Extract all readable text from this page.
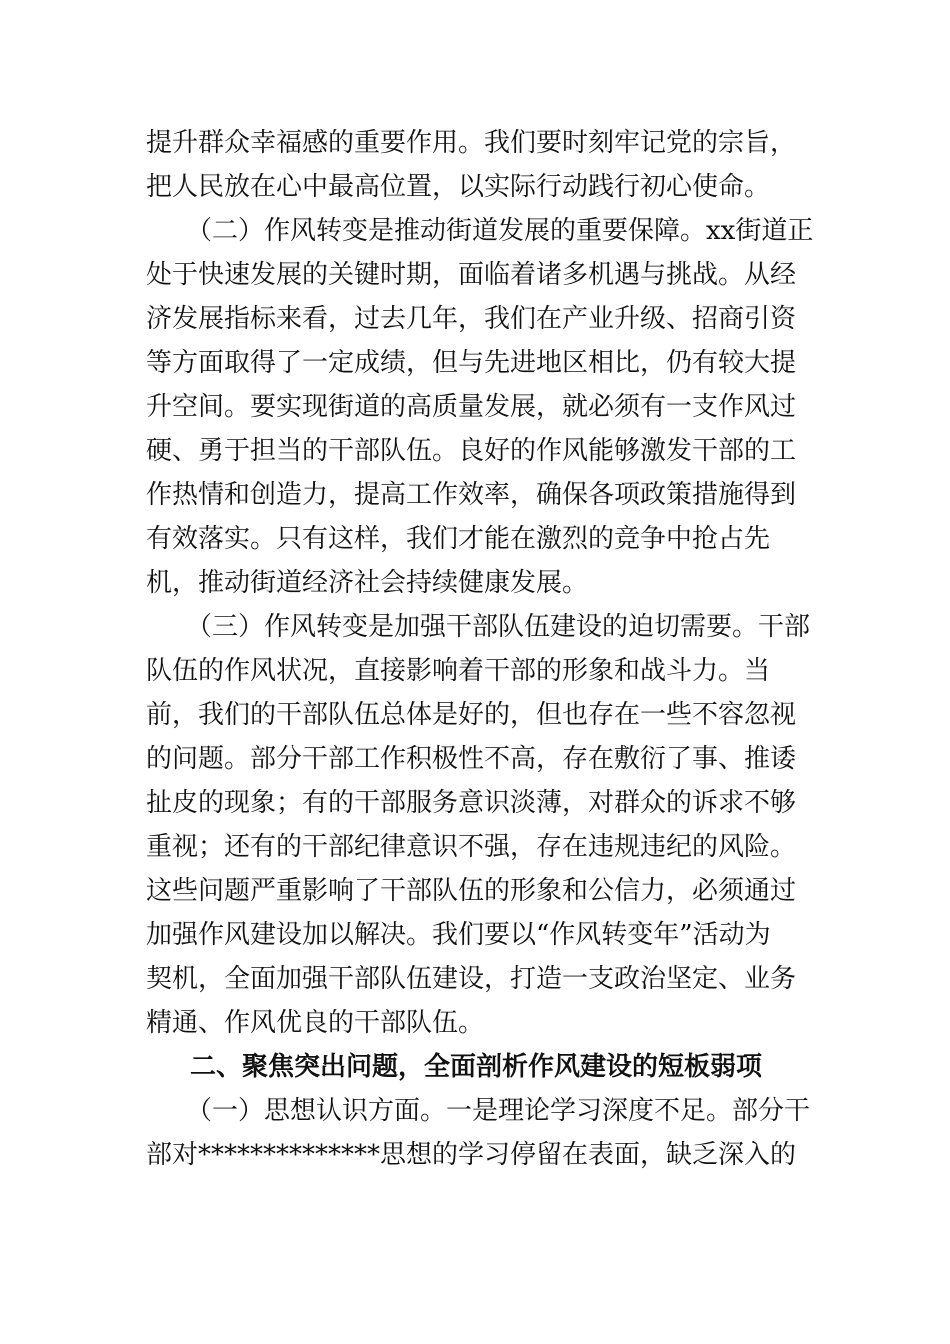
提升群众幸福感的重要作用。我们要时刻牢记党的宗旨，
把人民放在心中最高位置，以实际行动践行初心使命。
（二）作风转变是推动街道发展的重要保障。xx街道正
处于快速发展的关键时期，面临着诸多机遇与挑战。从经
济发展指标来看，过去几年，我们在产业升级、招商引资
等方面取得了一定成绩，但与先进地区相比，仍有较大提
升空间。要实现街道的高质量发展，就必须有一支作风过
硬、勇于担当的干部队伍。良好的作风能够激发干部的工
作热情和创造力，提高工作效率，确保各项政策措施得到
有效落实。只有这样，我们才能在激烈的竞争中抢占先
机，推动街道经济社会持续健康发展。
（三）作风转变是加强干部队伍建设的迫切需要。干部
队伍的作风状况，直接影响着干部的形象和战斗力。当
前，我们的干部队伍总体是好的，但也存在一些不容忽视
的问题。部分干部工作积极性不高，存在敷衍了事、推诿
扯皮的现象；有的干部服务意识淡薄，对群众的诉求不够
重视；还有的干部纪律意识不强，存在违规违纪的风险。
这些问题严重影响了干部队伍的形象和公信力，必须通过
加强作风建设加以解决。我们要以“作风转变年”活动为
契机，全面加强干部队伍建设，打造一支政治坚定、业务
精通、作风优良的干部队伍。
二、聚焦突出问题，全面剖析作风建设的短板弱项
（一）思想认识方面。一是理论学习深度不足。部分干
部对**************思想的学习停留在表面，缺乏深入的
